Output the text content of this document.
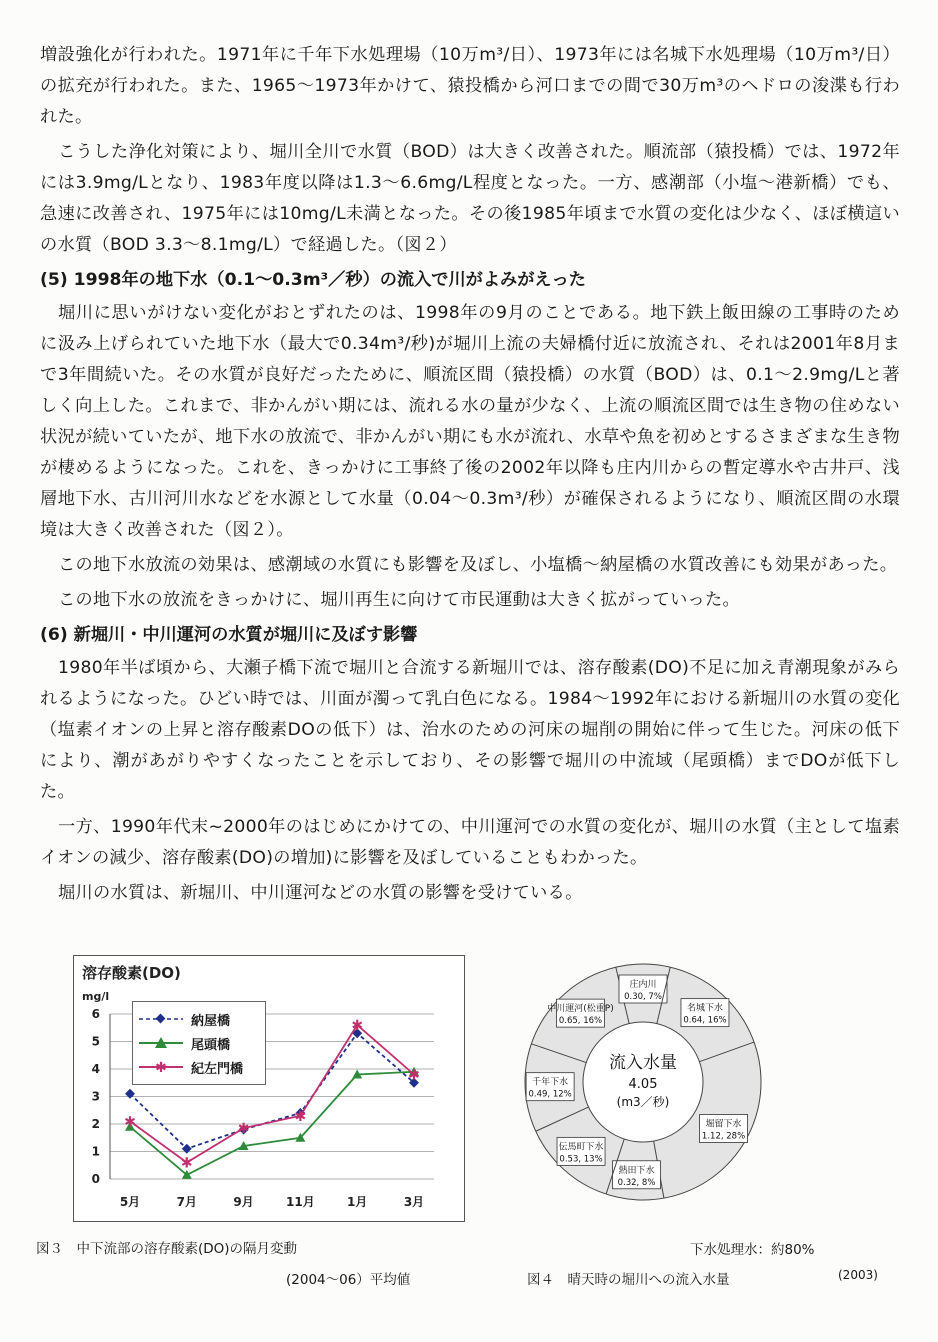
増設強化が行われた。1971年に千年下水処理場（10万m³/日）、1973年には名城下水処理場（10万m³/日）の拡充が行われた。また、1965～1973年かけて、猿投橋から河口までの間で30万m³のヘドロの浚渫も行われた。

こうした浄化対策により、堀川全川で水質（BOD）は大きく改善された。順流部（猿投橋）では、1972年には3.9mg/Lとなり、1983年度以降は1.3～6.6mg/L程度となった。一方、感潮部（小塩～港新橋）でも、急速に改善され、1975年には10mg/L未満となった。その後1985年頃まで水質の変化は少なく、ほぼ横這いの水質（BOD 3.3～8.1mg/L）で経過した。（図２）

(5) 1998年の地下水（0.1～0.3m³／秒）の流入で川がよみがえった

堀川に思いがけない変化がおとずれたのは、1998年の9月のことである。地下鉄上飯田線の工事時のために汲み上げられていた地下水（最大で0.34m³/秒)が堀川上流の夫婦橋付近に放流され、それは2001年8月まで3年間続いた。その水質が良好だったために、順流区間（猿投橋）の水質（BOD）は、0.1～2.9mg/Lと著しく向上した。これまで、非かんがい期には、流れる水の量が少なく、上流の順流区間では生き物の住めない状況が続いていたが、地下水の放流で、非かんがい期にも水が流れ、水草や魚を初めとするさまざまな生き物が棲めるようになった。これを、きっかけに工事終了後の2002年以降も庄内川からの暫定導水や古井戸、浅層地下水、古川河川水などを水源として水量（0.04～0.3m³/秒）が確保されるようになり、順流区間の水環境は大きく改善された（図２）。

この地下水放流の効果は、感潮域の水質にも影響を及ぼし、小塩橋～納屋橋の水質改善にも効果があった。

この地下水の放流をきっかけに、堀川再生に向けて市民運動は大きく拡がっていった。

(6) 新堀川・中川運河の水質が堀川に及ぼす影響

1980年半ば頃から、大瀬子橋下流で堀川と合流する新堀川では、溶存酸素(DO)不足に加え青潮現象がみられるようになった。ひどい時では、川面が濁って乳白色になる。1984～1992年における新堀川の水質の変化（塩素イオンの上昇と溶存酸素DOの低下）は、治水のための河床の堀削の開始に伴って生じた。河床の低下により、潮があがりやすくなったことを示しており、その影響で堀川の中流域（尾頭橋）までDOが低下した。

一方、1990年代末~2000年のはじめにかけての、中川運河での水質の変化が、堀川の水質（主として塩素イオンの減少、溶存酸素(DO)の増加)に影響を及ぼしていることもわかった。

堀川の水質は、新堀川、中川運河などの水質の影響を受けている。

溶存酸素(DO)
mg/l
0
1
2
3
4
5
6
5月	7月	9月	11月	1月	3月
✱
✱
✱
✱
✱
✱
納屋橋
尾頭橋
✱ 紀左門橋
図３　中下流部の溶存酸素(DO)の隔月変動
(2004～06）平均値
庄内川
0.30, 7%
名城下水
0.64, 16%
堀留下水
1.12, 28%
熱田下水
0.32, 8%
伝馬町下水
0.53, 13%
千年下水
0.49, 12%
中川運河(松重P)
0.65, 16%
流入水量
4.05
(m3／秒)
下水処理水：約80%
図４　晴天時の堀川への流入水量	(2003)
